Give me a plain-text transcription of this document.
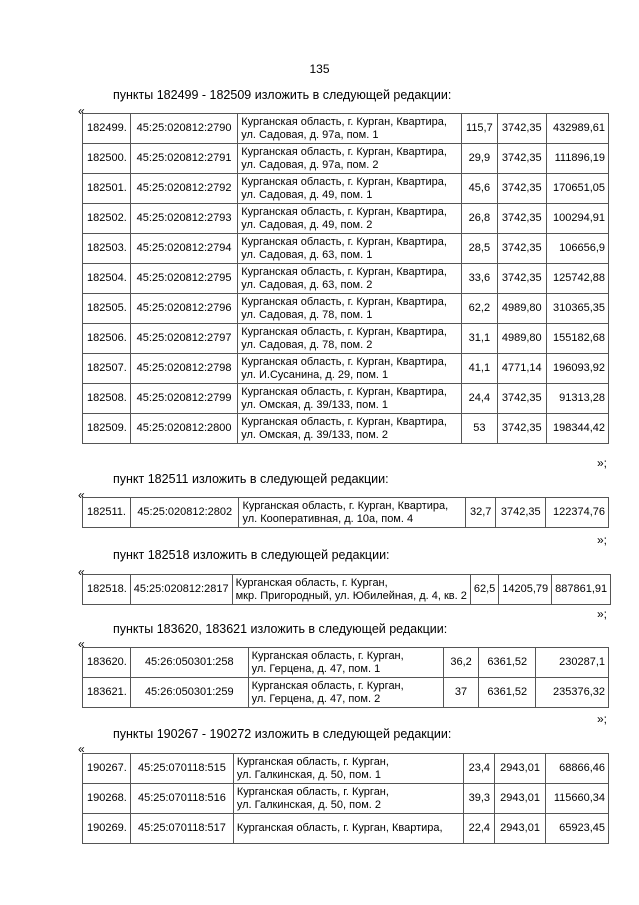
135
пункты 182499 - 182509 изложить в следующей редакции:
«
182499.	45:25:020812:2790	Курганская область, г. Курган, Квартира,
ул. Садовая, д. 97а, пом. 1	115,7	3742,35	432989,61
182500.	45:25:020812:2791	Курганская область, г. Курган, Квартира,
ул. Садовая, д. 97а, пом. 2	29,9	3742,35	111896,19
182501.	45:25:020812:2792	Курганская область, г. Курган, Квартира,
ул. Садовая, д. 49, пом. 1	45,6	3742,35	170651,05
182502.	45:25:020812:2793	Курганская область, г. Курган, Квартира,
ул. Садовая, д. 49, пом. 2	26,8	3742,35	100294,91
182503.	45:25:020812:2794	Курганская область, г. Курган, Квартира,
ул. Садовая, д. 63, пом. 1	28,5	3742,35	106656,9
182504.	45:25:020812:2795	Курганская область, г. Курган, Квартира,
ул. Садовая, д. 63, пом. 2	33,6	3742,35	125742,88
182505.	45:25:020812:2796	Курганская область, г. Курган, Квартира,
ул. Садовая, д. 78, пом. 1	62,2	4989,80	310365,35
182506.	45:25:020812:2797	Курганская область, г. Курган, Квартира,
ул. Садовая, д. 78, пом. 2	31,1	4989,80	155182,68
182507.	45:25:020812:2798	Курганская область, г. Курган, Квартира,
ул. И.Сусанина, д. 29, пом. 1	41,1	4771,14	196093,92
182508.	45:25:020812:2799	Курганская область, г. Курган, Квартира,
ул. Омская, д. 39/133, пом. 1	24,4	3742,35	91313,28
182509.	45:25:020812:2800	Курганская область, г. Курган, Квартира,
ул. Омская, д. 39/133, пом. 2	53	3742,35	198344,42
»;
пункт 182511 изложить в следующей редакции:
«
182511.	45:25:020812:2802	
Курганская область, г. Курган, Квартира,
ул. Кооперативная, д. 10а, пом. 4
	32,7	3742,35	122374,76
»;
пункт 182518 изложить в следующей редакции:
«
182518.	45:25:020812:2817	
Курганская область, г. Курган,
мкр. Пригородный, ул. Юбилейная, д. 4, кв. 2
	62,5	14205,79	887861,91
»;
пункты 183620, 183621 изложить в следующей редакции:
«
183620.	45:26:050301:258	Курганская область, г. Курган,
ул. Герцена, д. 47, пом. 1	36,2	6361,52	230287,1
183621.	45:26:050301:259	Курганская область, г. Курган,
ул. Герцена, д. 47, пом. 2	37	6361,52	235376,32
»;
пункты 190267 - 190272 изложить в следующей редакции:
«
190267.	45:25:070118:515	Курганская область, г. Курган,
ул. Галкинская, д. 50, пом. 1	23,4	2943,01	68866,46
190268.	45:25:070118:516	Курганская область, г. Курган,
ул. Галкинская, д. 50, пом. 2	39,3	2943,01	115660,34
190269.	45:25:070118:517	Курганская область, г. Курган, Квартира,	22,4	2943,01	65923,45
